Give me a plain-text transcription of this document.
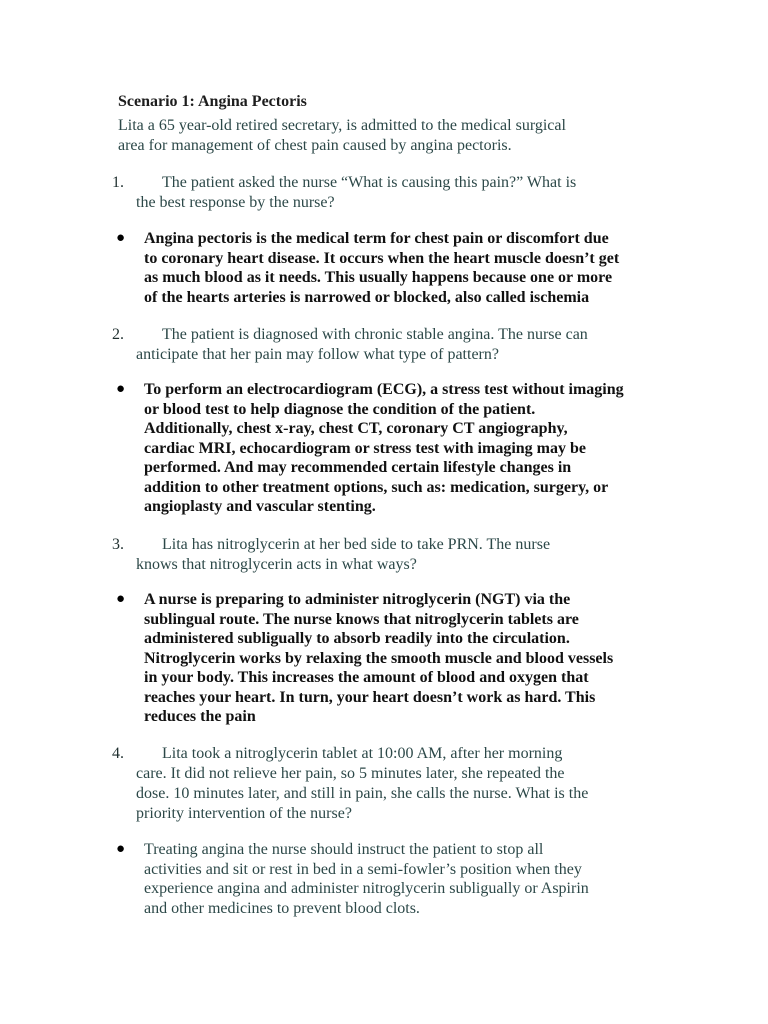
Scenario 1: Angina Pectoris

Lita a 65 year-old retired secretary, is admitted to the medical surgical
area for management of chest pain caused by angina pectoris.

1. The patient asked the nurse “What is causing this pain?” What is
the best response by the nurse?
● Angina pectoris is the medical term for chest pain or discomfort due
to coronary heart disease. It occurs when the heart muscle doesn’t get
as much blood as it needs. This usually happens because one or more
of the hearts arteries is narrowed or blocked, also called ischemia
2. The patient is diagnosed with chronic stable angina. The nurse can
anticipate that her pain may follow what type of pattern?
● To perform an electrocardiogram (ECG), a stress test without imaging
or blood test to help diagnose the condition of the patient.
Additionally, chest x-ray, chest CT, coronary CT angiography,
cardiac MRI, echocardiogram or stress test with imaging may be
performed. And may recommended certain lifestyle changes in
addition to other treatment options, such as: medication, surgery, or
angioplasty and vascular stenting.
3. Lita has nitroglycerin at her bed side to take PRN. The nurse
knows that nitroglycerin acts in what ways?
● A nurse is preparing to administer nitroglycerin (NGT) via the
sublingual route. The nurse knows that nitroglycerin tablets are
administered subligually to absorb readily into the circulation.
Nitroglycerin works by relaxing the smooth muscle and blood vessels
in your body. This increases the amount of blood and oxygen that
reaches your heart. In turn, your heart doesn’t work as hard. This
reduces the pain
4. Lita took a nitroglycerin tablet at 10:00 AM, after her morning
care. It did not relieve her pain, so 5 minutes later, she repeated the
dose. 10 minutes later, and still in pain, she calls the nurse. What is the
priority intervention of the nurse?
● Treating angina the nurse should instruct the patient to stop all
activities and sit or rest in bed in a semi-fowler’s position when they
experience angina and administer nitroglycerin subligually or Aspirin
and other medicines to prevent blood clots.
